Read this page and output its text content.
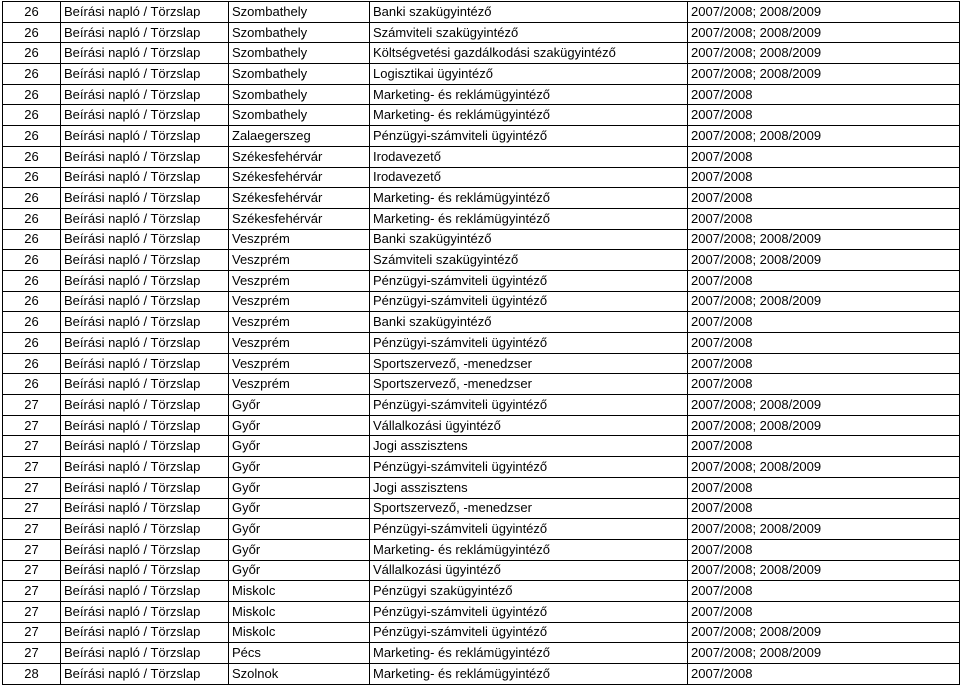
26	Beírási napló / Törzslap	Szombathely	Banki szakügyintéző	2007/2008; 2008/2009
26	Beírási napló / Törzslap	Szombathely	Számviteli szakügyintéző	2007/2008; 2008/2009
26	Beírási napló / Törzslap	Szombathely	Költségvetési gazdálkodási szakügyintéző	2007/2008; 2008/2009
26	Beírási napló / Törzslap	Szombathely	Logisztikai ügyintéző	2007/2008; 2008/2009
26	Beírási napló / Törzslap	Szombathely	Marketing- és reklámügyintéző	2007/2008
26	Beírási napló / Törzslap	Szombathely	Marketing- és reklámügyintéző	2007/2008
26	Beírási napló / Törzslap	Zalaegerszeg	Pénzügyi-számviteli ügyintéző	2007/2008; 2008/2009
26	Beírási napló / Törzslap	Székesfehérvár	Irodavezető	2007/2008
26	Beírási napló / Törzslap	Székesfehérvár	Irodavezető	2007/2008
26	Beírási napló / Törzslap	Székesfehérvár	Marketing- és reklámügyintéző	2007/2008
26	Beírási napló / Törzslap	Székesfehérvár	Marketing- és reklámügyintéző	2007/2008
26	Beírási napló / Törzslap	Veszprém	Banki szakügyintéző	2007/2008; 2008/2009
26	Beírási napló / Törzslap	Veszprém	Számviteli szakügyintéző	2007/2008; 2008/2009
26	Beírási napló / Törzslap	Veszprém	Pénzügyi-számviteli ügyintéző	2007/2008
26	Beírási napló / Törzslap	Veszprém	Pénzügyi-számviteli ügyintéző	2007/2008; 2008/2009
26	Beírási napló / Törzslap	Veszprém	Banki szakügyintéző	2007/2008
26	Beírási napló / Törzslap	Veszprém	Pénzügyi-számviteli ügyintéző	2007/2008
26	Beírási napló / Törzslap	Veszprém	Sportszervező, -menedzser	2007/2008
26	Beírási napló / Törzslap	Veszprém	Sportszervező, -menedzser	2007/2008
27	Beírási napló / Törzslap	Győr	Pénzügyi-számviteli ügyintéző	2007/2008; 2008/2009
27	Beírási napló / Törzslap	Győr	Vállalkozási ügyintéző	2007/2008; 2008/2009
27	Beírási napló / Törzslap	Győr	Jogi asszisztens	2007/2008
27	Beírási napló / Törzslap	Győr	Pénzügyi-számviteli ügyintéző	2007/2008; 2008/2009
27	Beírási napló / Törzslap	Győr	Jogi asszisztens	2007/2008
27	Beírási napló / Törzslap	Győr	Sportszervező, -menedzser	2007/2008
27	Beírási napló / Törzslap	Győr	Pénzügyi-számviteli ügyintéző	2007/2008; 2008/2009
27	Beírási napló / Törzslap	Győr	Marketing- és reklámügyintéző	2007/2008
27	Beírási napló / Törzslap	Győr	Vállalkozási ügyintéző	2007/2008; 2008/2009
27	Beírási napló / Törzslap	Miskolc	Pénzügyi szakügyintéző	2007/2008
27	Beírási napló / Törzslap	Miskolc	Pénzügyi-számviteli ügyintéző	2007/2008
27	Beírási napló / Törzslap	Miskolc	Pénzügyi-számviteli ügyintéző	2007/2008; 2008/2009
27	Beírási napló / Törzslap	Pécs	Marketing- és reklámügyintéző	2007/2008; 2008/2009
28	Beírási napló / Törzslap	Szolnok	Marketing- és reklámügyintéző	2007/2008
